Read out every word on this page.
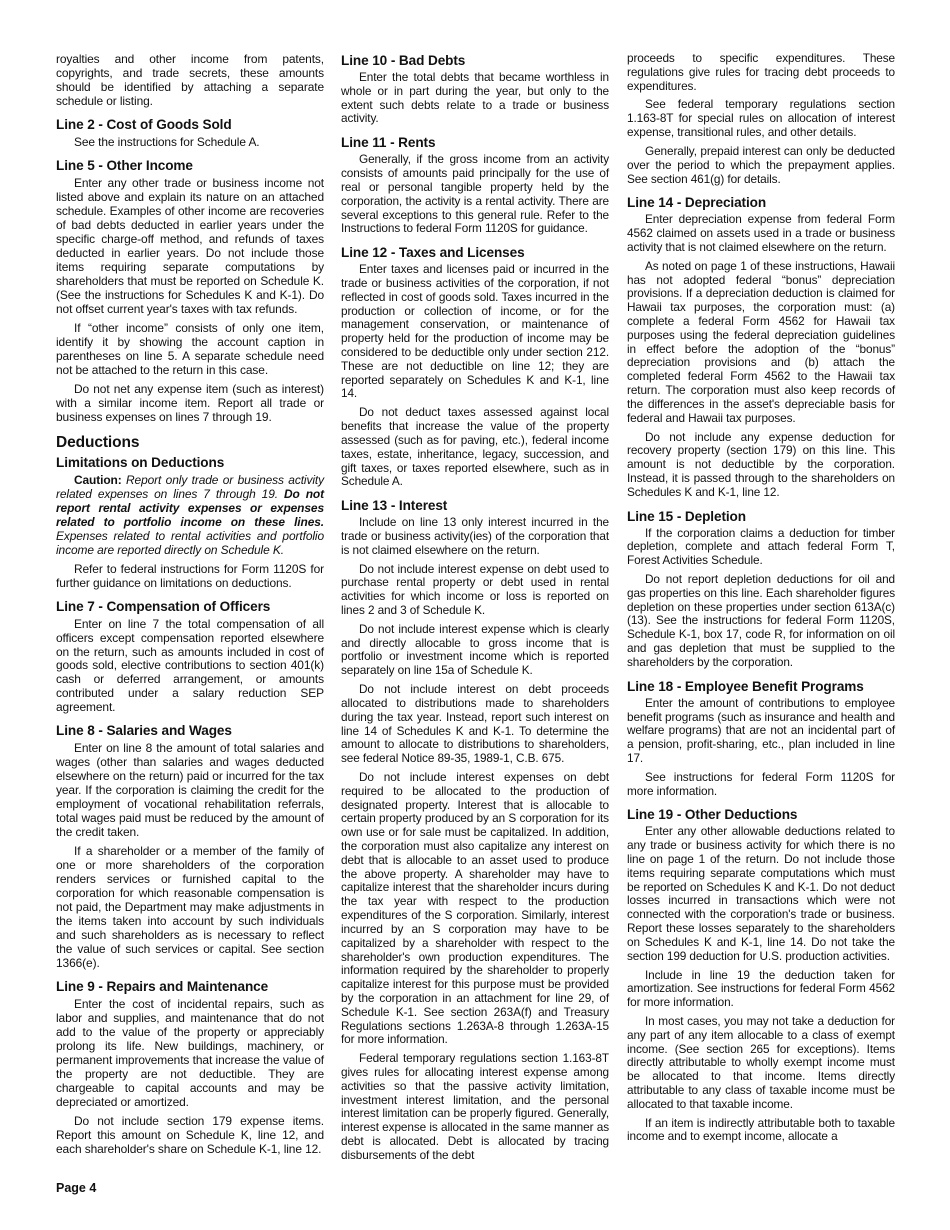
royalties and other income from patents, copyrights, and trade secrets, these amounts should be identified by attaching a separate schedule or listing.

Line 2 - Cost of Goods Sold

See the instructions for Schedule A.

Line 5 - Other Income

Enter any other trade or business income not listed above and explain its nature on an attached schedule. Examples of other income are recoveries of bad debts deducted in earlier years under the specific charge-off method, and refunds of taxes deducted in earlier years. Do not include those items requiring separate computations by shareholders that must be reported on Schedule K. (See the instructions for Schedules K and K-1). Do not offset current year's taxes with tax refunds.

If “other income” consists of only one item, identify it by showing the account caption in parentheses on line 5. A separate schedule need not be attached to the return in this case.

Do not net any expense item (such as interest) with a similar income item. Report all trade or business expenses on lines 7 through 19.

Deductions
Limitations on Deductions

Caution: Report only trade or business activity related expenses on lines 7 through 19. Do not report rental activity expenses or expenses related to portfolio income on these lines. Expenses related to rental activities and portfolio income are reported directly on Schedule K.

Refer to federal instructions for Form 1120S for further guidance on limitations on deductions.

Line 7 - Compensation of Officers

Enter on line 7 the total compensation of all officers except compensation reported elsewhere on the return, such as amounts included in cost of goods sold, elective contributions to section 401(k) cash or deferred arrangement, or amounts contributed under a salary reduction SEP agreement.

Line 8 - Salaries and Wages

Enter on line 8 the amount of total salaries and wages (other than salaries and wages deducted elsewhere on the return) paid or incurred for the tax year. If the corporation is claiming the credit for the employment of vocational rehabilitation referrals, total wages paid must be reduced by the amount of the credit taken.

If a shareholder or a member of the family of one or more shareholders of the corporation renders services or furnished capital to the corporation for which reasonable compensation is not paid, the Department may make adjustments in the items taken into account by such individuals and such shareholders as is necessary to reflect the value of such services or capital. See section 1366(e).

Line 9 - Repairs and Maintenance

Enter the cost of incidental repairs, such as labor and supplies, and maintenance that do not add to the value of the property or appreciably prolong its life. New buildings, machinery, or permanent improvements that increase the value of the property are not deductible. They are chargeable to capital accounts and may be depreciated or amortized.

Do not include section 179 expense items. Report this amount on Schedule K, line 12, and each shareholder's share on Schedule K-1, line 12.

Line 10 - Bad Debts

Enter the total debts that became worthless in whole or in part during the year, but only to the extent such debts relate to a trade or business activity.

Line 11 - Rents

Generally, if the gross income from an activity consists of amounts paid principally for the use of real or personal tangible property held by the corporation, the activity is a rental activity. There are several exceptions to this general rule. Refer to the Instructions to federal Form 1120S for guidance.

Line 12 - Taxes and Licenses

Enter taxes and licenses paid or incurred in the trade or business activities of the corporation, if not reflected in cost of goods sold. Taxes incurred in the production or collection of income, or for the management conservation, or maintenance of property held for the production of income may be considered to be deductible only under section 212. These are not deductible on line 12; they are reported separately on Schedules K and K-1, line 14.

Do not deduct taxes assessed against local benefits that increase the value of the property assessed (such as for paving, etc.), federal income taxes, estate, inheritance, legacy, succession, and gift taxes, or taxes reported elsewhere, such as in Schedule A.

Line 13 - Interest

Include on line 13 only interest incurred in the trade or business activity(ies) of the corporation that is not claimed elsewhere on the return.

Do not include interest expense on debt used to purchase rental property or debt used in rental activities for which income or loss is reported on lines 2 and 3 of Schedule K.

Do not include interest expense which is clearly and directly allocable to gross income that is portfolio or investment income which is reported separately on line 15a of Schedule K.

Do not include interest on debt proceeds allocated to distributions made to shareholders during the tax year. Instead, report such interest on line 14 of Schedules K and K-1. To determine the amount to allocate to distributions to shareholders, see federal Notice 89-35, 1989-1, C.B. 675.

Do not include interest expenses on debt required to be allocated to the production of designated property. Interest that is allocable to certain property produced by an S corporation for its own use or for sale must be capitalized. In addition, the corporation must also capitalize any interest on debt that is allocable to an asset used to produce the above property. A shareholder may have to capitalize interest that the shareholder incurs during the tax year with respect to the production expenditures of the S corporation. Similarly, interest incurred by an S corporation may have to be capitalized by a shareholder with respect to the shareholder's own production expenditures. The information required by the shareholder to properly capitalize interest for this purpose must be provided by the corporation in an attachment for line 29, of Schedule K-1. See section 263A(f) and Treasury Regulations sections 1.263A-8 through 1.263A-15 for more information.

Federal temporary regulations section 1.163-8T gives rules for allocating interest expense among activities so that the passive activity limitation, investment interest limitation, and the personal interest limitation can be properly figured. Generally, interest expense is allocated in the same manner as debt is allocated. Debt is allocated by tracing disbursements of the debt

proceeds to specific expenditures. These regulations give rules for tracing debt proceeds to expenditures.

See federal temporary regulations section 1.163-8T for special rules on allocation of interest expense, transitional rules, and other details.

Generally, prepaid interest can only be deducted over the period to which the prepayment applies. See section 461(g) for details.

Line 14 - Depreciation

Enter depreciation expense from federal Form 4562 claimed on assets used in a trade or business activity that is not claimed elsewhere on the return.

As noted on page 1 of these instructions, Hawaii has not adopted federal “bonus” depreciation provisions. If a depreciation deduction is claimed for Hawaii tax purposes, the corporation must: (a) complete a federal Form 4562 for Hawaii tax purposes using the federal depreciation guidelines in effect before the adoption of the “bonus” depreciation provisions and (b) attach the completed federal Form 4562 to the Hawaii tax return. The corporation must also keep records of the differences in the asset's depreciable basis for federal and Hawaii tax purposes.

Do not include any expense deduction for recovery property (section 179) on this line. This amount is not deductible by the corporation. Instead, it is passed through to the shareholders on Schedules K and K-1, line 12.

Line 15 - Depletion

If the corporation claims a deduction for timber depletion, complete and attach federal Form T, Forest Activities Schedule.

Do not report depletion deductions for oil and gas properties on this line. Each shareholder figures depletion on these properties under section 613A(c)(13). See the instructions for federal Form 1120S, Schedule K-1, box 17, code R, for information on oil and gas depletion that must be supplied to the shareholders by the corporation.

Line 18 - Employee Benefit Programs

Enter the amount of contributions to employee benefit programs (such as insurance and health and welfare programs) that are not an incidental part of a pension, profit-sharing, etc., plan included in line 17.

See instructions for federal Form 1120S for more information.

Line 19 - Other Deductions

Enter any other allowable deductions related to any trade or business activity for which there is no line on page 1 of the return. Do not include those items requiring separate computations which must be reported on Schedules K and K-1. Do not deduct losses incurred in transactions which were not connected with the corporation's trade or business. Report these losses separately to the shareholders on Schedules K and K-1, line 14. Do not take the section 199 deduction for U.S. production activities.

Include in line 19 the deduction taken for amortization. See instructions for federal Form 4562 for more information.

In most cases, you may not take a deduction for any part of any item allocable to a class of exempt income. (See section 265 for exceptions). Items directly attributable to wholly exempt income must be allocated to that income. Items directly attributable to any class of taxable income must be allocated to that taxable income.

If an item is indirectly attributable both to taxable income and to exempt income, allocate a

Page 4
